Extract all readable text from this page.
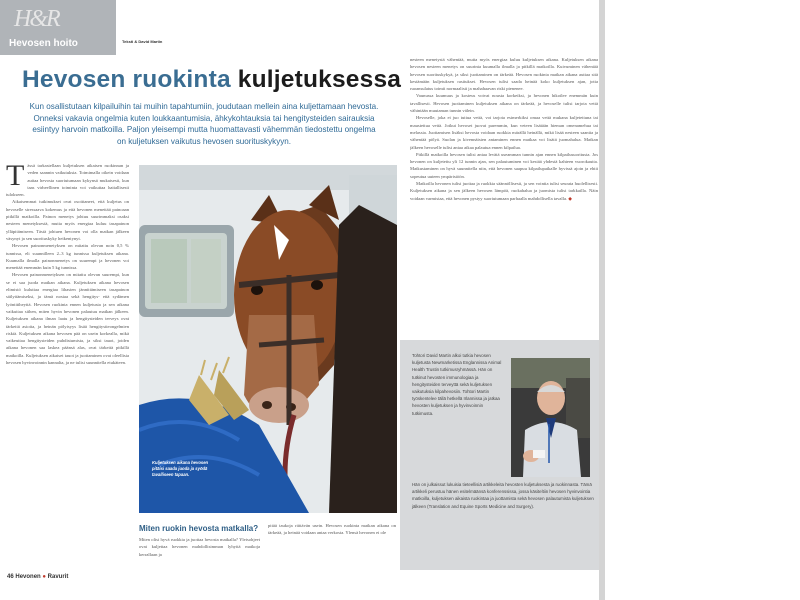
H&R
Hevosen hoito	Teksti & David Martin
Hevosen ruokinta kuljetuksessa
Kun osallistutaan kilpailuihin tai muihin tapahtumiin, joudutaan mellein aina kuljettamaan hevosta. Onneksi vakavia ongelmia kuten loukkaantumisia, ähkykohtauksia tai hengitysteiden sairauksia esiintyy harvoin matkoilla. Paljon yleisempi mutta huomattavasti vähemmän tiedostettu ongelma on kuljetuksen vaikutus hevosen suorituskykyyn.
T ässä tarkastellaan kuljetuksen aikaisen ruokinnan ja veden saannin vaikutuksia. Toimimalla oikein voidaan auttaa hevosta suoriutumaan kykynsä mukaisesti, kun taas virheellinen toiminta voi vaikuttaa haitallisesti tulokseen.

Aikaisemmat tutkimukset ovat osoittaneet, että kuljetus on hevoselle stressaava kokemus ja että hevonen menettää painoaan pitkillä matkoilla. Painon menetys johtuu suurimmaksi osaksi nesteen menetyksestä, mutta myös energiaa kuluu tasapainon ylläpitämiseen. Tästä johtuen hevonen voi olla matkan jälkeen väsynyt ja sen suorituskyky heikentynyt.

Hevosen painonmenetyksen on mitattu olevan noin 0,5 % tunnissa, eli suunnilleen 2–3 kg tunnissa kuljetuksen aikana. Kuumalla ilmalla painonmenetys on suurempi ja hevonen voi menettää enemmän kuin 5 kg tunnissa.

Hevosen painonmenetyksen on mitattu olevan suurempi, kun se ei saa juoda matkan aikana. Kuljetuksen aikana hevosen elimistö kuluttaa energiaa lihasten jännittämiseen tasapainon säilyttämiseksi, ja tämä nostaa sekä hengitys- että sydämen lyöntitiheyttä. Hevosen ruokinta ennen kuljetusta ja sen aikana vaikuttaa siihen, miten hyvin hevonen palautuu matkan jälkeen. Kuljetuksen aikana ilman laatu ja hengitysteiden terveys ovat tärkeitä asioita, ja heinän pölyisyys lisää hengitystieongelmien riskiä. Kuljetuksen aikana hevosen pää on usein korkealla, mikä vaikeuttaa hengitysteiden puhdistumista, ja siksi tauot, joiden aikana hevonen saa laskea päänsä alas, ovat tärkeitä pitkillä matkoilla. Kuljetuksen aikaiset tauot ja juottaminen ovat oleellisia hevosen hyvinvoinnin kannalta, ja ne tulisi suunnitella etukäteen.

Kuljetuksen aikana hevosen pitäisi saada juoda ja syödä tavalliseen tapaan.
Miten ruokin hevosta matkalla?
Miten olisi hyvä ruokkia ja juottaa hevosta matkalla? Yleisohjeet ovat kuljettaa hevonen mahdollisimman lyhyitä matkoja kerrallaan ja
pitää taukoja riittävän usein. Hevosen ruokinta matkan aikana on tärkeää, ja heinää voidaan antaa verkosta. Ylensä hevonen ei ole

nesteen menetystä vähentää, mutta myös energiaa kuluu kuljetuksen aikana. Kuljetuksen aikana hevosen nesteen menetys on suurinta kuumalla ilmalla ja pitkillä matkoilla. Kuivuminen vähentää hevosen suorituskykyä, ja siksi juottaminen on tärkeää. Hevosen ruokinta matkan aikana auttaa sitä kestämään kuljetuksen rasitukset. Hevosen tulisi saada heinää koko kuljetuksen ajan, jotta ruoansulatus toimii normaalisti ja mahahaavan riski pienenee.

Vaunussa kuumuus ja kosteus voivat nousta korkeiksi, ja hevonen hikoilee enemmän kuin tavallisesti. Hevosen juottaminen kuljetuksen aikana on tärkeää, ja hevoselle tulisi tarjota vettä vähintään muutaman tunnin välein.

Hevoselle, joka ei juo tuttua vettä, voi tarjota esimerkiksi omaa vettä mukana kuljetettuna tai maustettua vettä. Jotkut hevoset juovat paremmin, kun veteen lisätään hieman omenamehua tai melassia. Juottamisen lisäksi hevosta voidaan ruokkia märällä heinällä, mikä lisää nesteen saantia ja vähentää pölyä. Suolan ja kivennäisten antaminen ennen matkaa voi lisätä juomahalua. Matkan jälkeen hevoselle tulisi antaa aikaa palautua ennen kilpailua.

Pitkillä matkoilla hevosen tulisi antaa levätä useamman tunnin ajan ennen kilpailusuoritusta. Jos hevonen on kuljetettu yli 12 tunnin ajan, sen palautuminen voi kestää yhdestä kahteen vuorokautta. Matkustaminen on hyvä suunnitella niin, että hevonen saapuu kilpailupaikalle hyvissä ajoin ja ehtii sopeutua uuteen ympäristöön.

Matkoilla hevonen tulisi juottaa ja ruokkia säännöllisesti, ja sen vointia tulisi seurata huolellisesti. Kuljetuksen aikana ja sen jälkeen hevosen lämpöä, ruokahalua ja juomista tulisi tarkkailla. Näin voidaan varmistaa, että hevonen pystyy suoriutumaan parhaalla mahdollisella tavalla. ◆

Tohtori David Martin alkoi tutkia hevosen kuljetusta Newmarketissa Englannissa Animal Health Trustin tutkimusryhmässä. Hän on tutkinut hevosten immunologiaa ja hengitysteiden terveyttä sekä kuljetuksen vaikutuksia kilpahevosiin. Tohtori Martin työskentelee tällä hetkellä Irlannissa ja jatkaa hevosten kuljetuksen ja hyvinvoinnin tutkimusta.
Hän on julkaissut lukuisia tieteellisiä artikkeleita hevosten kuljetuksesta ja ruokinnasta. Tämä artikkeli perustuu hänen esitelmäänsä konferenssissa, jossa käsiteltiin hevosen hyvinvointia matkoilla, kuljetuksen aikaista ruokintaa ja juottamista sekä hevosen palautumista kuljetuksen jälkeen (Translation and Equine Sports Medicine and Surgery).
46 Hevonen ● Ravurit
